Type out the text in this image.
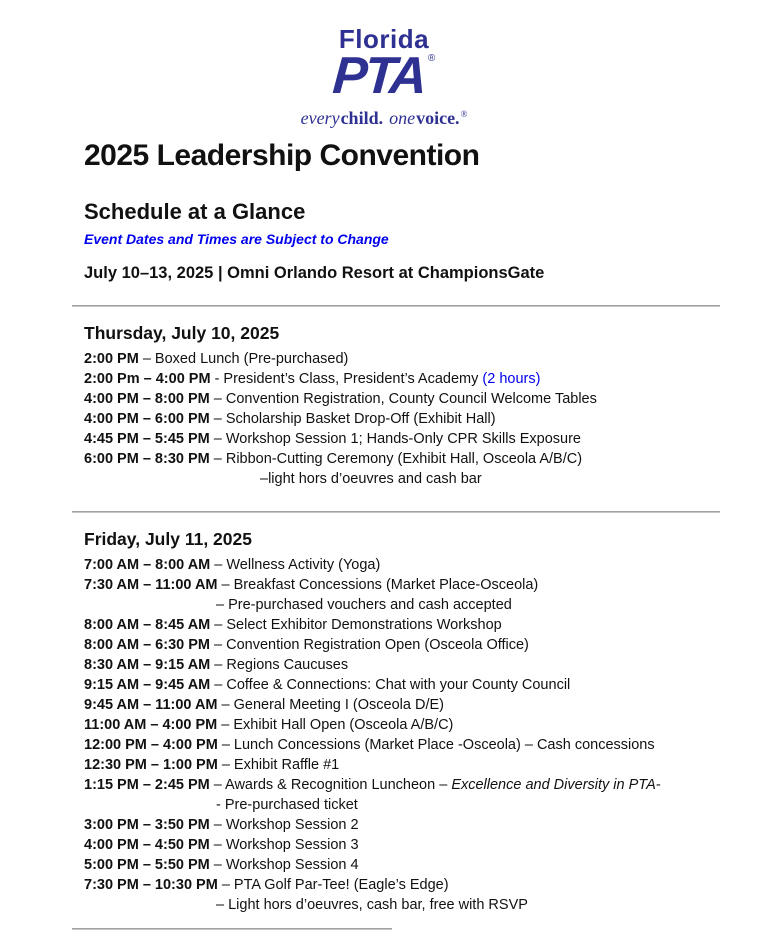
Florida
PTA ®
every child. one voice. ®
2025 Leadership Convention
Schedule at a Glance
Event Dates and Times are Subject to Change
July 10–13, 2025 | Omni Orlando Resort at ChampionsGate
Thursday, July 10, 2025
2:00 PM – Boxed Lunch (Pre-purchased)
2:00 Pm – 4:00 PM - President’s Class, President’s Academy (2 hours)
4:00 PM – 8:00 PM – Convention Registration, County Council Welcome Tables
4:00 PM – 6:00 PM – Scholarship Basket Drop-Off (Exhibit Hall)
4:45 PM – 5:45 PM – Workshop Session 1; Hands-Only CPR Skills Exposure
6:00 PM – 8:30 PM – Ribbon-Cutting Ceremony (Exhibit Hall, Osceola A/B/C)
–light hors d’oeuvres and cash bar
Friday, July 11, 2025
7:00 AM – 8:00 AM – Wellness Activity (Yoga)
7:30 AM – 11:00 AM – Breakfast Concessions (Market Place-Osceola)
– Pre-purchased vouchers and cash accepted
8:00 AM – 8:45 AM – Select Exhibitor Demonstrations Workshop
8:00 AM – 6:30 PM – Convention Registration Open (Osceola Office)
8:30 AM – 9:15 AM – Regions Caucuses
9:15 AM – 9:45 AM – Coffee & Connections: Chat with your County Council
9:45 AM – 11:00 AM – General Meeting I (Osceola D/E)
11:00 AM – 4:00 PM – Exhibit Hall Open (Osceola A/B/C)
12:00 PM – 4:00 PM – Lunch Concessions (Market Place -Osceola) – Cash concessions
12:30 PM – 1:00 PM – Exhibit Raffle #1
1:15 PM – 2:45 PM – Awards & Recognition Luncheon – Excellence and Diversity in PTA-
- Pre-purchased ticket
3:00 PM – 3:50 PM – Workshop Session 2
4:00 PM – 4:50 PM – Workshop Session 3
5:00 PM – 5:50 PM – Workshop Session 4
7:30 PM – 10:30 PM – PTA Golf Par-Tee! (Eagle’s Edge)
– Light hors d’oeuvres, cash bar, free with RSVP
